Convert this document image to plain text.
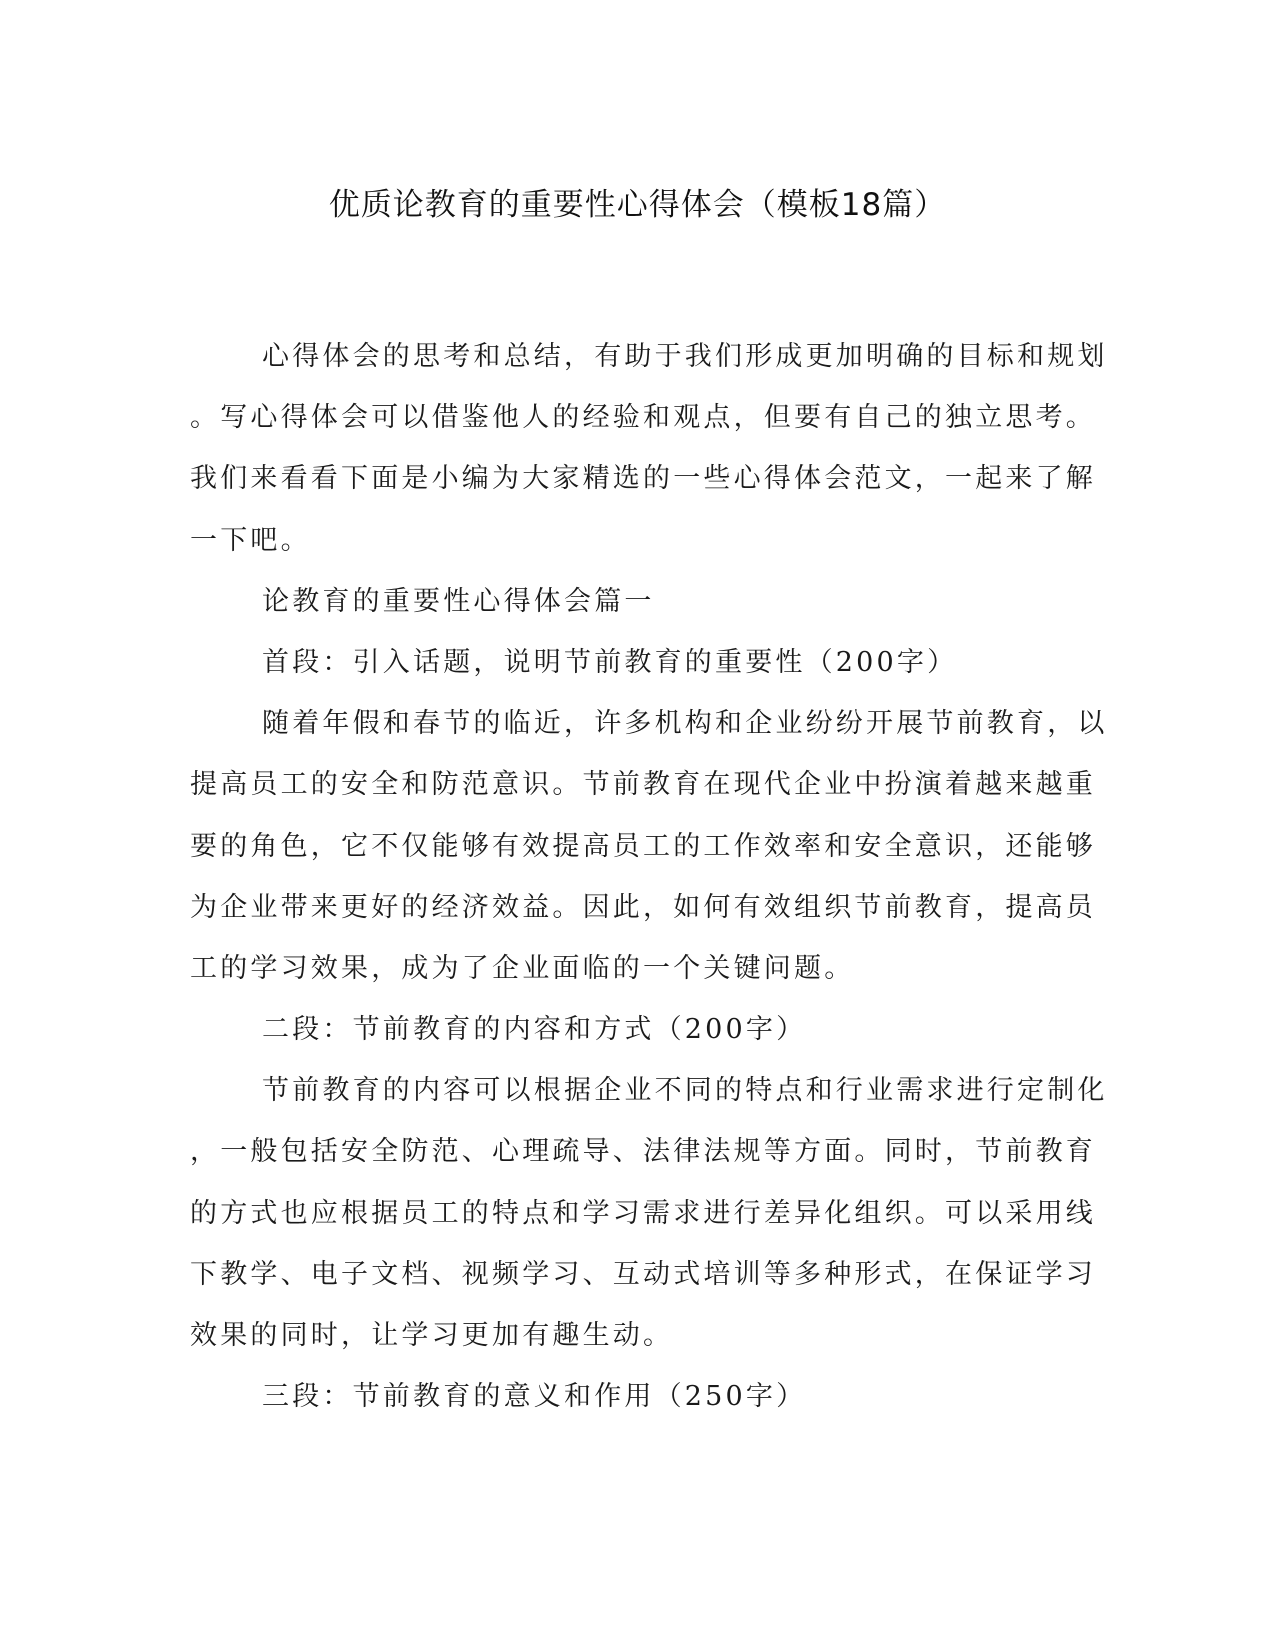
优质论教育的重要性心得体会（模板18篇）
心得体会的思考和总结，有助于我们形成更加明确的目标和规划
。写心得体会可以借鉴他人的经验和观点，但要有自己的独立思考。
我们来看看下面是小编为大家精选的一些心得体会范文，一起来了解
一下吧。
论教育的重要性心得体会篇一
首段：引入话题，说明节前教育的重要性（200字）
随着年假和春节的临近，许多机构和企业纷纷开展节前教育，以
提高员工的安全和防范意识。节前教育在现代企业中扮演着越来越重
要的角色，它不仅能够有效提高员工的工作效率和安全意识，还能够
为企业带来更好的经济效益。因此，如何有效组织节前教育，提高员
工的学习效果，成为了企业面临的一个关键问题。
二段：节前教育的内容和方式（200字）
节前教育的内容可以根据企业不同的特点和行业需求进行定制化
，一般包括安全防范、心理疏导、法律法规等方面。同时，节前教育
的方式也应根据员工的特点和学习需求进行差异化组织。可以采用线
下教学、电子文档、视频学习、互动式培训等多种形式，在保证学习
效果的同时，让学习更加有趣生动。
三段：节前教育的意义和作用（250字）
